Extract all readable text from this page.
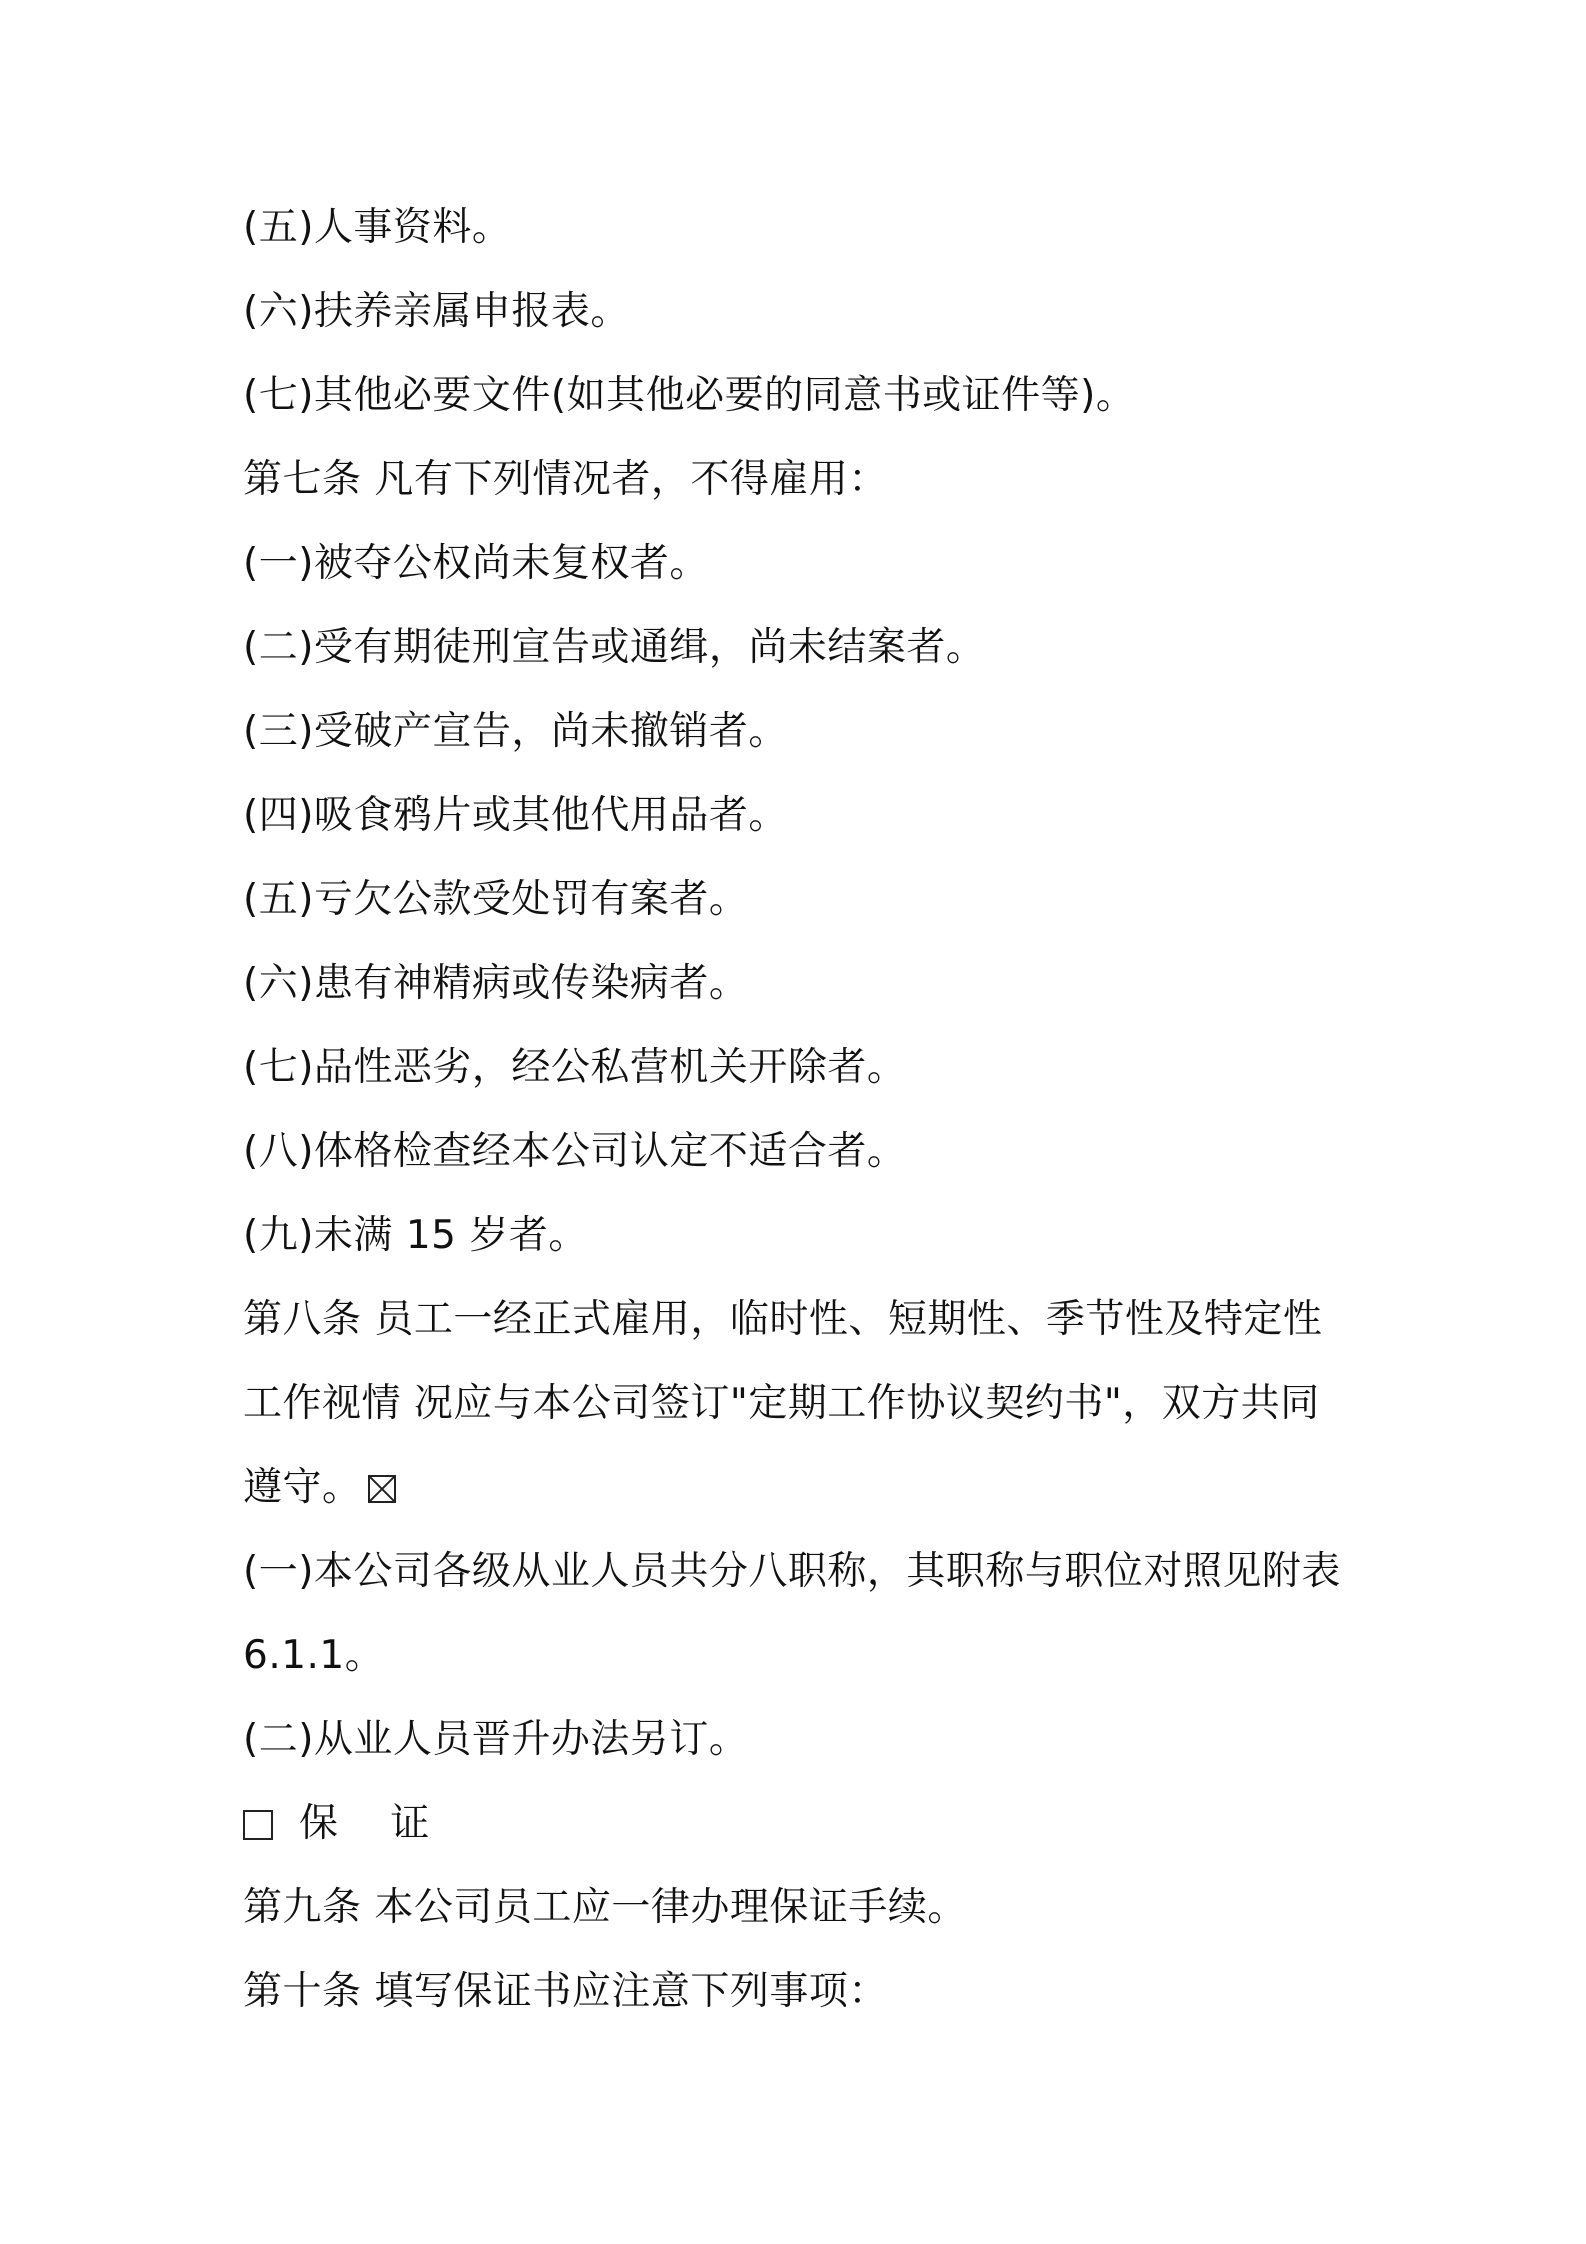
(五)人事资料。
(六)扶养亲属申报表。
(七)其他必要文件(如其他必要的同意书或证件等)。
第七条 凡有下列情况者，不得雇用：
(一)被夺公权尚未复权者。
(二)受有期徒刑宣告或通缉，尚未结案者。
(三)受破产宣告，尚未撤销者。
(四)吸食鸦片或其他代用品者。
(五)亏欠公款受处罚有案者。
(六)患有神精病或传染病者。
(七)品性恶劣，经公私营机关开除者。
(八)体格检查经本公司认定不适合者。
(九)未满 15 岁者。
第八条 员工一经正式雇用，临时性、短期性、季节性及特定性
工作视情 况应与本公司签订"定期工作协议契约书"，双方共同
遵守。
(一)本公司各级从业人员共分八职称，其职称与职位对照见附表
6.1.1。
(二)从业人员晋升办法另订。
保 证
第九条 本公司员工应一律办理保证手续。
第十条 填写保证书应注意下列事项：
